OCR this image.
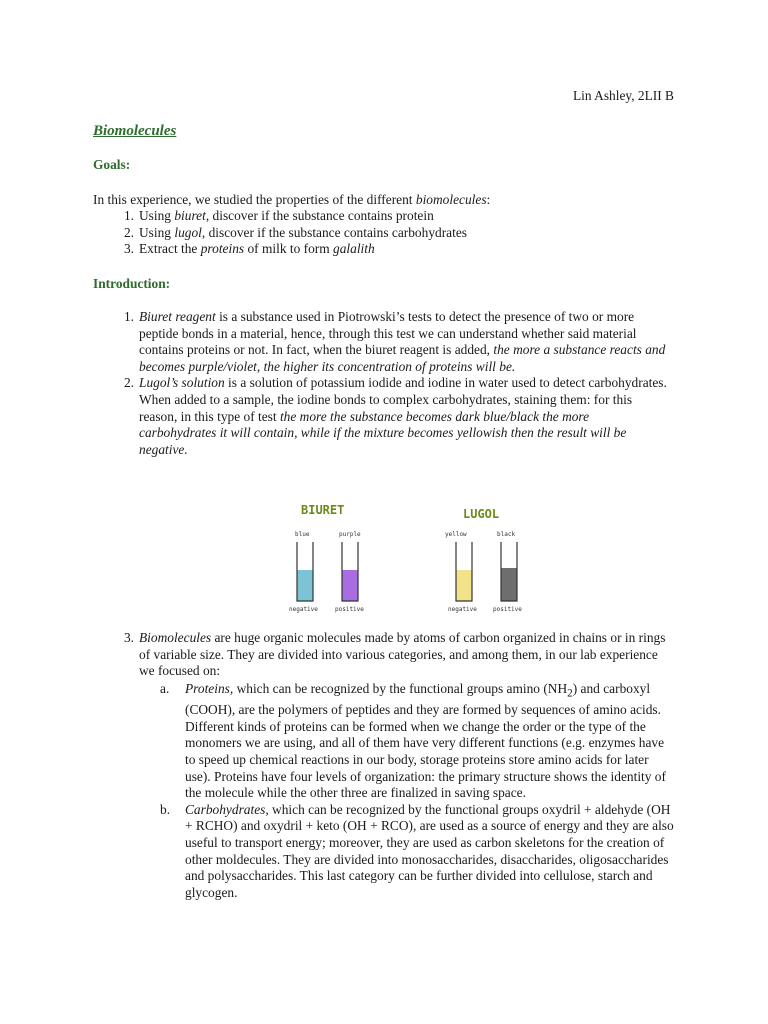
Lin Ashley, 2LII B
Biomolecules
Goals:
In this experience, we studied the properties of the different biomolecules:
1. Using biuret, discover if the substance contains protein
2. Using lugol, discover if the substance contains carbohydrates
3. Extract the proteins of milk to form galalith
Introduction:
1. Biuret reagent is a substance used in Piotrowski’s tests to detect the presence of two or more peptide bonds in a material, hence, through this test we can understand whether said material contains proteins or not. In fact, when the biuret reagent is added, the more a substance reacts and becomes purple/violet, the higher its concentration of proteins will be.
2. Lugol’s solution is a solution of potassium iodide and iodine in water used to detect carbohydrates. When added to a sample, the iodine bonds to complex carbohydrates, staining them: for this reason, in this type of test the more the substance becomes dark blue/black the more carbohydrates it will contain, while if the mixture becomes yellowish then the result will be negative.
BIURET	LUGOL
blue	purple	yellow	black
negative	positive	negative	positive
3. Biomolecules are huge organic molecules made by atoms of carbon organized in chains or in rings of variable size. They are divided into various categories, and among them, in our lab experience we focused on:
a. Proteins, which can be recognized by the functional groups amino $(NH_2)$ and carboxyl (COOH), are the polymers of peptides and they are formed by sequences of amino acids. Different kinds of proteins can be formed when we change the order or the type of the monomers we are using, and all of them have very different functions (e.g. enzymes have to speed up chemical reactions in our body, storage proteins store amino acids for later use). Proteins have four levels of organization: the primary structure shows the identity of the molecule while the other three are finalized in saving space.
b. Carbohydrates, which can be recognized by the functional groups oxydril + aldehyde (OH + RCHO) and oxydril + keto (OH + RCO), are used as a source of energy and they are also useful to transport energy; moreover, they are used as carbon skeletons for the creation of other moldecules. They are divided into monosaccharides, disaccharides, oligosaccharides and polysaccharides. This last category can be further divided into cellulose, starch and glycogen.
